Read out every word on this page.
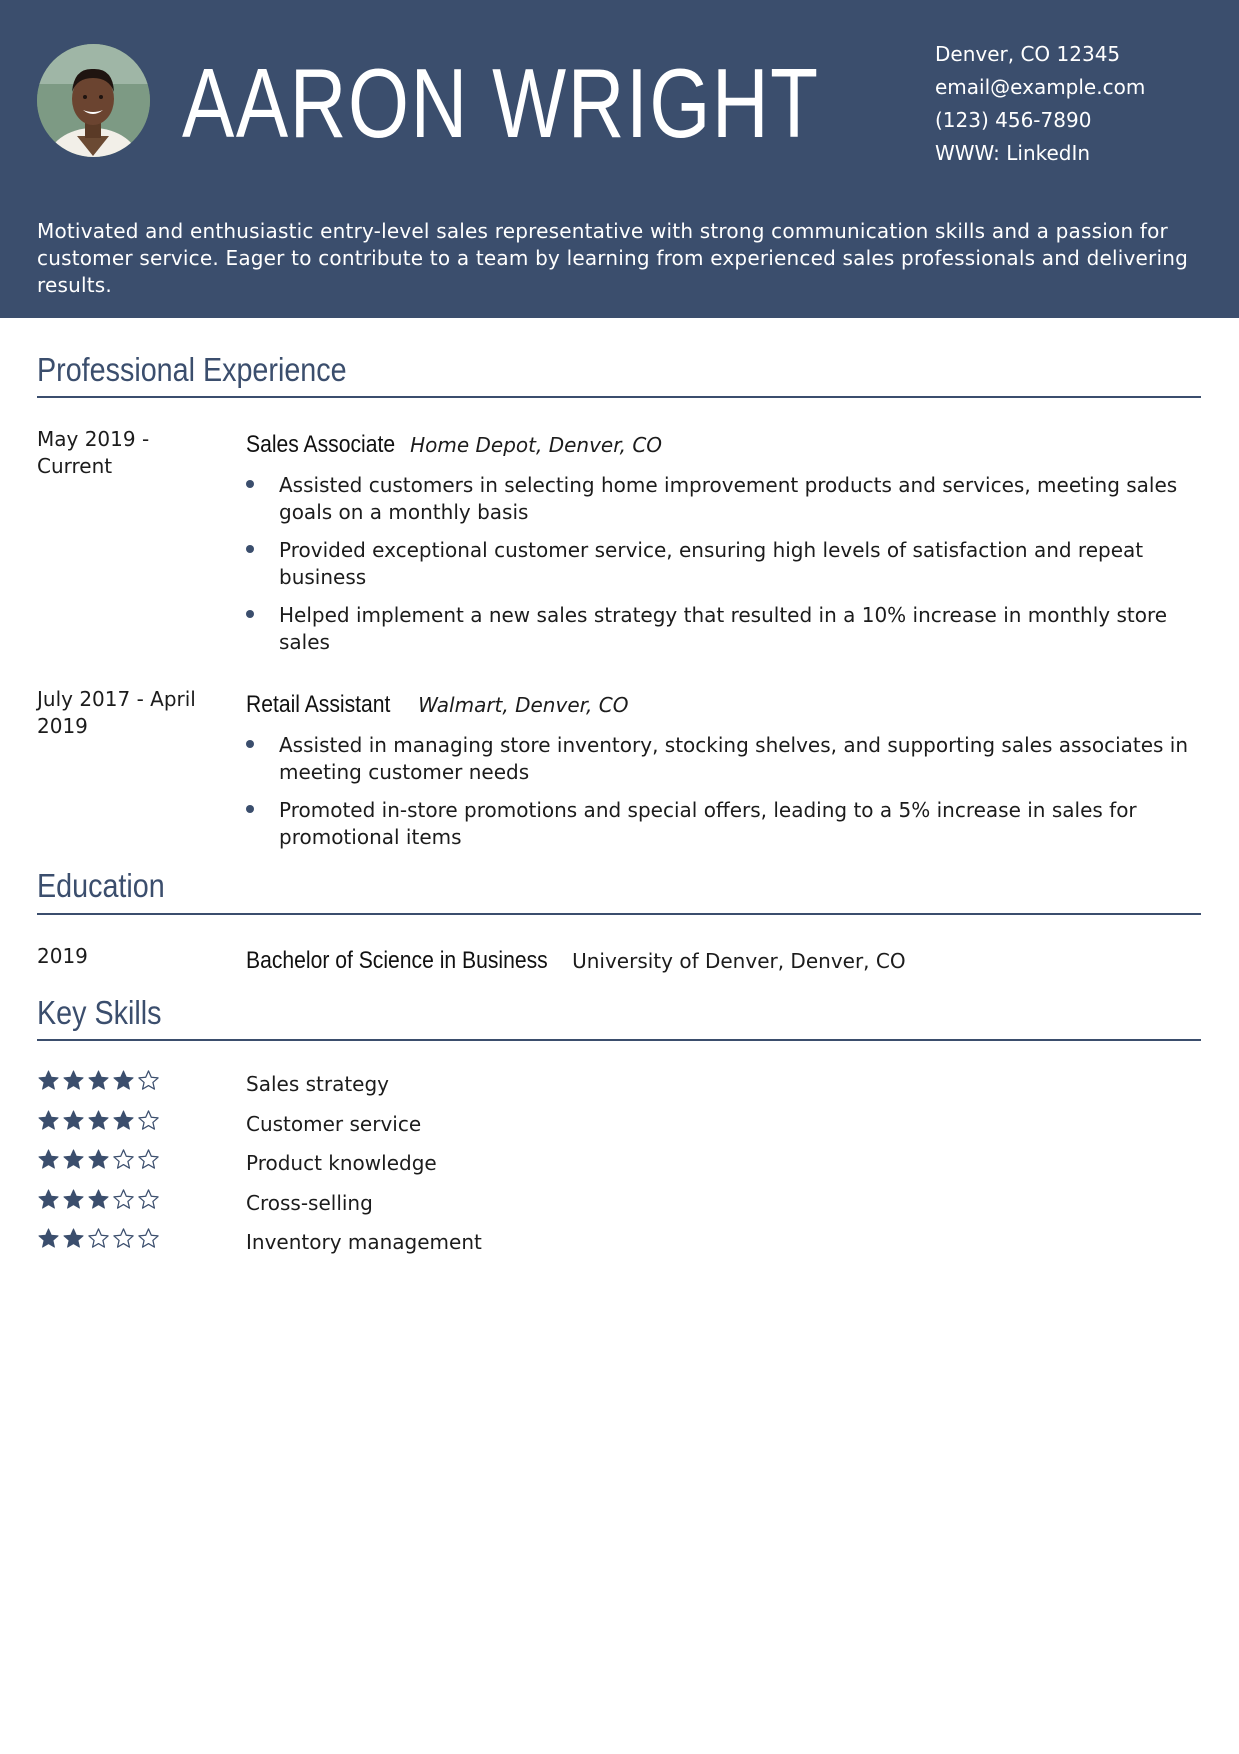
AARON WRIGHT	Denver, CO 12345
email@example.com
(123) 456-7890
WWW: LinkedIn
Motivated and enthusiastic entry-level sales representative with strong communication skills and a passion for customer service. Eager to contribute to a team by learning from experienced sales professionals and delivering results.
Professional Experience
May 2019 - Current
Sales Associate Home Depot, Denver, CO
Assisted customers in selecting home improvement products and services, meeting sales goals on a monthly basis
Provided exceptional customer service, ensuring high levels of satisfaction and repeat business
Helped implement a new sales strategy that resulted in a 10% increase in monthly store sales
July 2017 - April 2019
Retail Assistant Walmart, Denver, CO
Assisted in managing store inventory, stocking shelves, and supporting sales associates in meeting customer needs
Promoted in-store promotions and special offers, leading to a 5% increase in sales for promotional items
Education
2019	Bachelor of Science in Business University of Denver, Denver, CO
Key Skills
Sales strategy
Customer service
Product knowledge
Cross-selling
Inventory management
